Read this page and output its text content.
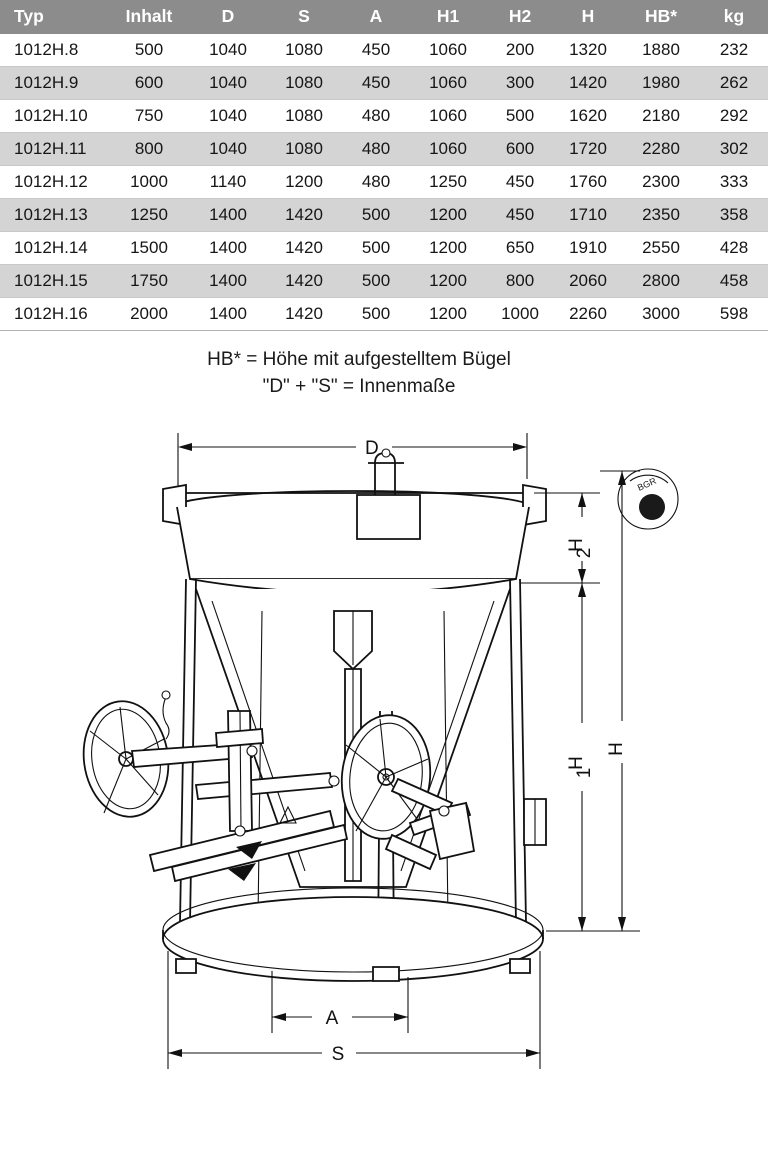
Typ	Inhalt	D	S	A	H1	H2	H	HB*	kg
1012H.8	500	1040	1080	450	1060	200	1320	1880	232
1012H.9	600	1040	1080	450	1060	300	1420	1980	262
1012H.10	750	1040	1080	480	1060	500	1620	2180	292
1012H.11	800	1040	1080	480	1060	600	1720	2280	302
1012H.12	1000	1140	1200	480	1250	450	1760	2300	333
1012H.13	1250	1400	1420	500	1200	450	1710	2350	358
1012H.14	1500	1400	1420	500	1200	650	1910	2550	428
1012H.15	1750	1400	1420	500	1200	800	2060	2800	458
1012H.16	2000	1400	1420	500	1200	1000	2260	3000	598
HB* = Höhe mit aufgestelltem Bügel
"D" + "S" = Innenmaße
D
BGR
H
2
H
1
H
A
S
